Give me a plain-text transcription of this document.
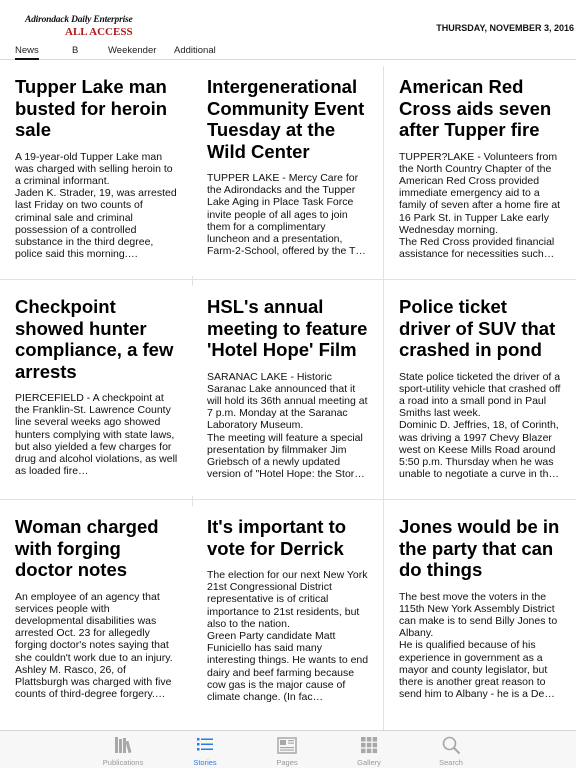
Adirondack Daily Enterprise
ALL ACCESS	THURSDAY, NOVEMBER 3, 2016
News	B	Weekender Additional
Tupper Lake man busted for heroin sale

A 19-year-old Tupper Lake man was charged with selling heroin to a criminal informant.
Jaden K. Strader, 19, was arrested last Friday on two counts of criminal sale and criminal possession of a controlled substance in the third degree, police said this morning.…

Intergenerational Community Event Tuesday at the Wild Center

TUPPER LAKE - Mercy Care for the Adirondacks and the Tupper Lake Aging in Place Task Force invite people of all ages to join them for a complimentary luncheon and a presentation, Farm-2-School, offered by the T…

American Red Cross aids seven after Tupper fire

TUPPER?LAKE - Volunteers from the North Country Chapter of the American Red Cross provided immediate emergency aid to a family of seven after a home fire at 16 Park St. in Tupper Lake early Wednesday morning.
The Red Cross provided financial assistance for necessities such…

Checkpoint showed hunter compliance, a few arrests

PIERCEFIELD - A checkpoint at the Franklin-St. Lawrence County line several weeks ago showed hunters complying with state laws, but also yielded a few charges for drug and alcohol violations, as well as loaded fire…

HSL's annual meeting to feature 'Hotel Hope' Film

SARANAC LAKE - Historic Saranac Lake announced that it will hold its 36th annual meeting at 7 p.m. Monday at the Saranac Laboratory Museum.
The meeting will feature a special presentation by filmmaker Jim Griebsch of a newly updated version of "Hotel Hope: the Stor…

Police ticket driver of SUV that crashed in pond

State police ticketed the driver of a sport-utility vehicle that crashed off a road into a small pond in Paul Smiths last week.
Dominic D. Jeffries, 18, of Corinth, was driving a 1997 Chevy Blazer west on Keese Mills Road around 5:50 p.m. Thursday when he was unable to negotiate a curve in th…

Woman charged with forging doctor notes

An employee of an agency that services people with developmental disabilities was arrested Oct. 23 for allegedly forging doctor's notes saying that she couldn't work due to an injury.
Ashley M. Rasco, 26, of Plattsburgh was charged with five counts of third-degree forgery.…

It's important to vote for Derrick

The election for our next New York 21st Congressional District representative is of critical importance to 21st residents, but also to the nation.
Green Party candidate Matt Funiciello has said many interesting things. He wants to end dairy and beef farming because cow gas is the major cause of climate change. (In fac…

Jones would be in the party that can do things

The best move the voters in the 115th New York Assembly District can make is to send Billy Jones to Albany.
He is qualified because of his experience in government as a mayor and county legislator, but there is another great reason to send him to Albany - he is a De…

Publications	Stories	Pages	Gallery	Search
